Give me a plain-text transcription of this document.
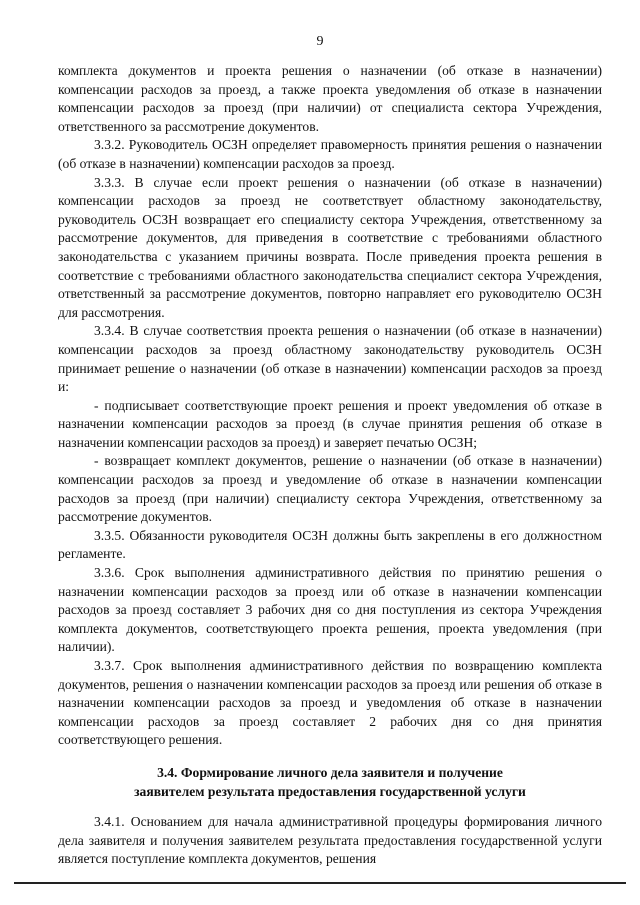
9

комплекта документов и проекта решения о назначении (об отказе в назначении) компенсации расходов за проезд, а также проекта уведомления об отказе в назначении компенсации расходов за проезд (при наличии) от специалиста сектора Учреждения, ответственного за рассмотрение документов.

3.3.2. Руководитель ОСЗН определяет правомерность принятия решения о назначении (об отказе в назначении) компенсации расходов за проезд.

3.3.3. В случае если проект решения о назначении (об отказе в назначении) компенсации расходов за проезд не соответствует областному законодательству, руководитель ОСЗН возвращает его специалисту сектора Учреждения, ответственному за рассмотрение документов, для приведения в соответствие с требованиями областного законодательства с указанием причины возврата. После приведения проекта решения в соответствие с требованиями областного законодательства специалист сектора Учреждения, ответственный за рассмотрение документов, повторно направляет его руководителю ОСЗН для рассмотрения.

3.3.4. В случае соответствия проекта решения о назначении (об отказе в назначении) компенсации расходов за проезд областному законодательству руководитель ОСЗН принимает решение о назначении (об отказе в назначении) компенсации расходов за проезд и:

- подписывает соответствующие проект решения и проект уведомления об отказе в назначении компенсации расходов за проезд (в случае принятия решения об отказе в назначении компенсации расходов за проезд) и заверяет печатью ОСЗН;

- возвращает комплект документов, решение о назначении (об отказе в назначении) компенсации расходов за проезд и уведомление об отказе в назначении компенсации расходов за проезд (при наличии) специалисту сектора Учреждения, ответственному за рассмотрение документов.

3.3.5. Обязанности руководителя ОСЗН должны быть закреплены в его должностном регламенте.

3.3.6. Срок выполнения административного действия по принятию решения о назначении компенсации расходов за проезд или об отказе в назначении компенсации расходов за проезд составляет 3 рабочих дня со дня поступления из сектора Учреждения комплекта документов, соответствующего проекта решения, проекта уведомления (при наличии).

3.3.7. Срок выполнения административного действия по возвращению комплекта документов, решения о назначении компенсации расходов за проезд или решения об отказе в назначении компенсации расходов за проезд и уведомления об отказе в назначении компенсации расходов за проезд составляет 2 рабочих дня со дня принятия соответствующего решения.

3.4. Формирование личного дела заявителя и получение
заявителем результата предоставления государственной услуги

3.4.1. Основанием для начала административной процедуры формирования личного дела заявителя и получения заявителем результата предоставления государственной услуги является поступление комплекта документов, решения
